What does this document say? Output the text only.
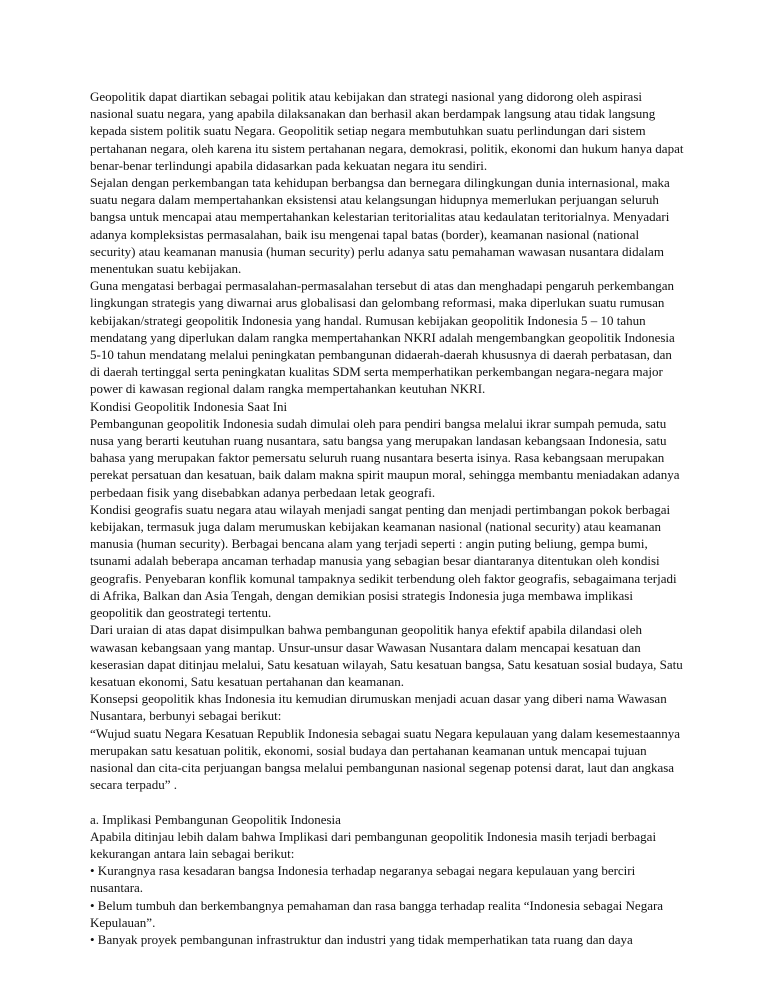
Geopolitik dapat diartikan sebagai politik atau kebijakan dan strategi nasional yang didorong oleh aspirasi nasional suatu negara, yang apabila dilaksanakan dan berhasil akan berdampak langsung atau tidak langsung kepada sistem politik suatu Negara. Geopolitik setiap negara membutuhkan suatu perlindungan dari sistem pertahanan negara, oleh karena itu sistem pertahanan negara, demokrasi, politik, ekonomi dan hukum hanya dapat benar-benar terlindungi apabila didasarkan pada kekuatan negara itu sendiri.

Sejalan dengan perkembangan tata kehidupan berbangsa dan bernegara dilingkungan dunia internasional, maka suatu negara dalam mempertahankan eksistensi atau kelangsungan hidupnya memerlukan perjuangan seluruh bangsa untuk mencapai atau mempertahankan kelestarian teritorialitas atau kedaulatan teritorialnya. Menyadari adanya kompleksistas permasalahan, baik isu mengenai tapal batas (border), keamanan nasional (national security) atau keamanan manusia (human security) perlu adanya satu pemahaman wawasan nusantara didalam menentukan suatu kebijakan.

Guna mengatasi berbagai permasalahan-permasalahan tersebut di atas dan menghadapi pengaruh perkembangan lingkungan strategis yang diwarnai arus globalisasi dan gelombang reformasi, maka diperlukan suatu rumusan kebijakan/strategi geopolitik Indonesia yang handal. Rumusan kebijakan geopolitik Indonesia 5 – 10 tahun mendatang yang diperlukan dalam rangka mempertahankan NKRI adalah mengembangkan geopolitik Indonesia 5-10 tahun mendatang melalui peningkatan pembangunan didaerah-daerah khususnya di daerah perbatasan, dan di daerah tertinggal serta peningkatan kualitas SDM serta memperhatikan perkembangan negara-negara major power di kawasan regional dalam rangka mempertahankan keutuhan NKRI.

Kondisi Geopolitik Indonesia Saat Ini

Pembangunan geopolitik Indonesia sudah dimulai oleh para pendiri bangsa melalui ikrar sumpah pemuda, satu nusa yang berarti keutuhan ruang nusantara, satu bangsa yang merupakan landasan kebangsaan Indonesia, satu bahasa yang merupakan faktor pemersatu seluruh ruang nusantara beserta isinya. Rasa kebangsaan merupakan perekat persatuan dan kesatuan, baik dalam makna spirit maupun moral, sehingga membantu meniadakan adanya perbedaan fisik yang disebabkan adanya perbedaan letak geografi.

Kondisi geografis suatu negara atau wilayah menjadi sangat penting dan menjadi pertimbangan pokok berbagai kebijakan, termasuk juga dalam merumuskan kebijakan keamanan nasional (national security) atau keamanan manusia (human security). Berbagai bencana alam yang terjadi seperti : angin puting beliung, gempa bumi, tsunami adalah beberapa ancaman terhadap manusia yang sebagian besar diantaranya ditentukan oleh kondisi geografis. Penyebaran konflik komunal tampaknya sedikit terbendung oleh faktor geografis, sebagaimana terjadi di Afrika, Balkan dan Asia Tengah, dengan demikian posisi strategis Indonesia juga membawa implikasi geopolitik dan geostrategi tertentu.

Dari uraian di atas dapat disimpulkan bahwa pembangunan geopolitik hanya efektif apabila dilandasi oleh wawasan kebangsaan yang mantap. Unsur-unsur dasar Wawasan Nusantara dalam mencapai kesatuan dan keserasian dapat ditinjau melalui, Satu kesatuan wilayah, Satu kesatuan bangsa, Satu kesatuan sosial budaya, Satu kesatuan ekonomi, Satu kesatuan pertahanan dan keamanan.

Konsepsi geopolitik khas Indonesia itu kemudian dirumuskan menjadi acuan dasar yang diberi nama Wawasan Nusantara, berbunyi sebagai berikut:

“Wujud suatu Negara Kesatuan Republik Indonesia sebagai suatu Negara kepulauan yang dalam kesemestaannya merupakan satu kesatuan politik, ekonomi, sosial budaya dan pertahanan keamanan untuk mencapai tujuan nasional dan cita-cita perjuangan bangsa melalui pembangunan nasional segenap potensi darat, laut dan angkasa secara terpadu” .

a. Implikasi Pembangunan Geopolitik Indonesia

Apabila ditinjau lebih dalam bahwa Implikasi dari pembangunan geopolitik Indonesia masih terjadi berbagai kekurangan antara lain sebagai berikut:

• Kurangnya rasa kesadaran bangsa Indonesia terhadap negaranya sebagai negara kepulauan yang berciri nusantara.

• Belum tumbuh dan berkembangnya pemahaman dan rasa bangga terhadap realita “Indonesia sebagai Negara Kepulauan”.

• Banyak proyek pembangunan infrastruktur dan industri yang tidak memperhatikan tata ruang dan daya
